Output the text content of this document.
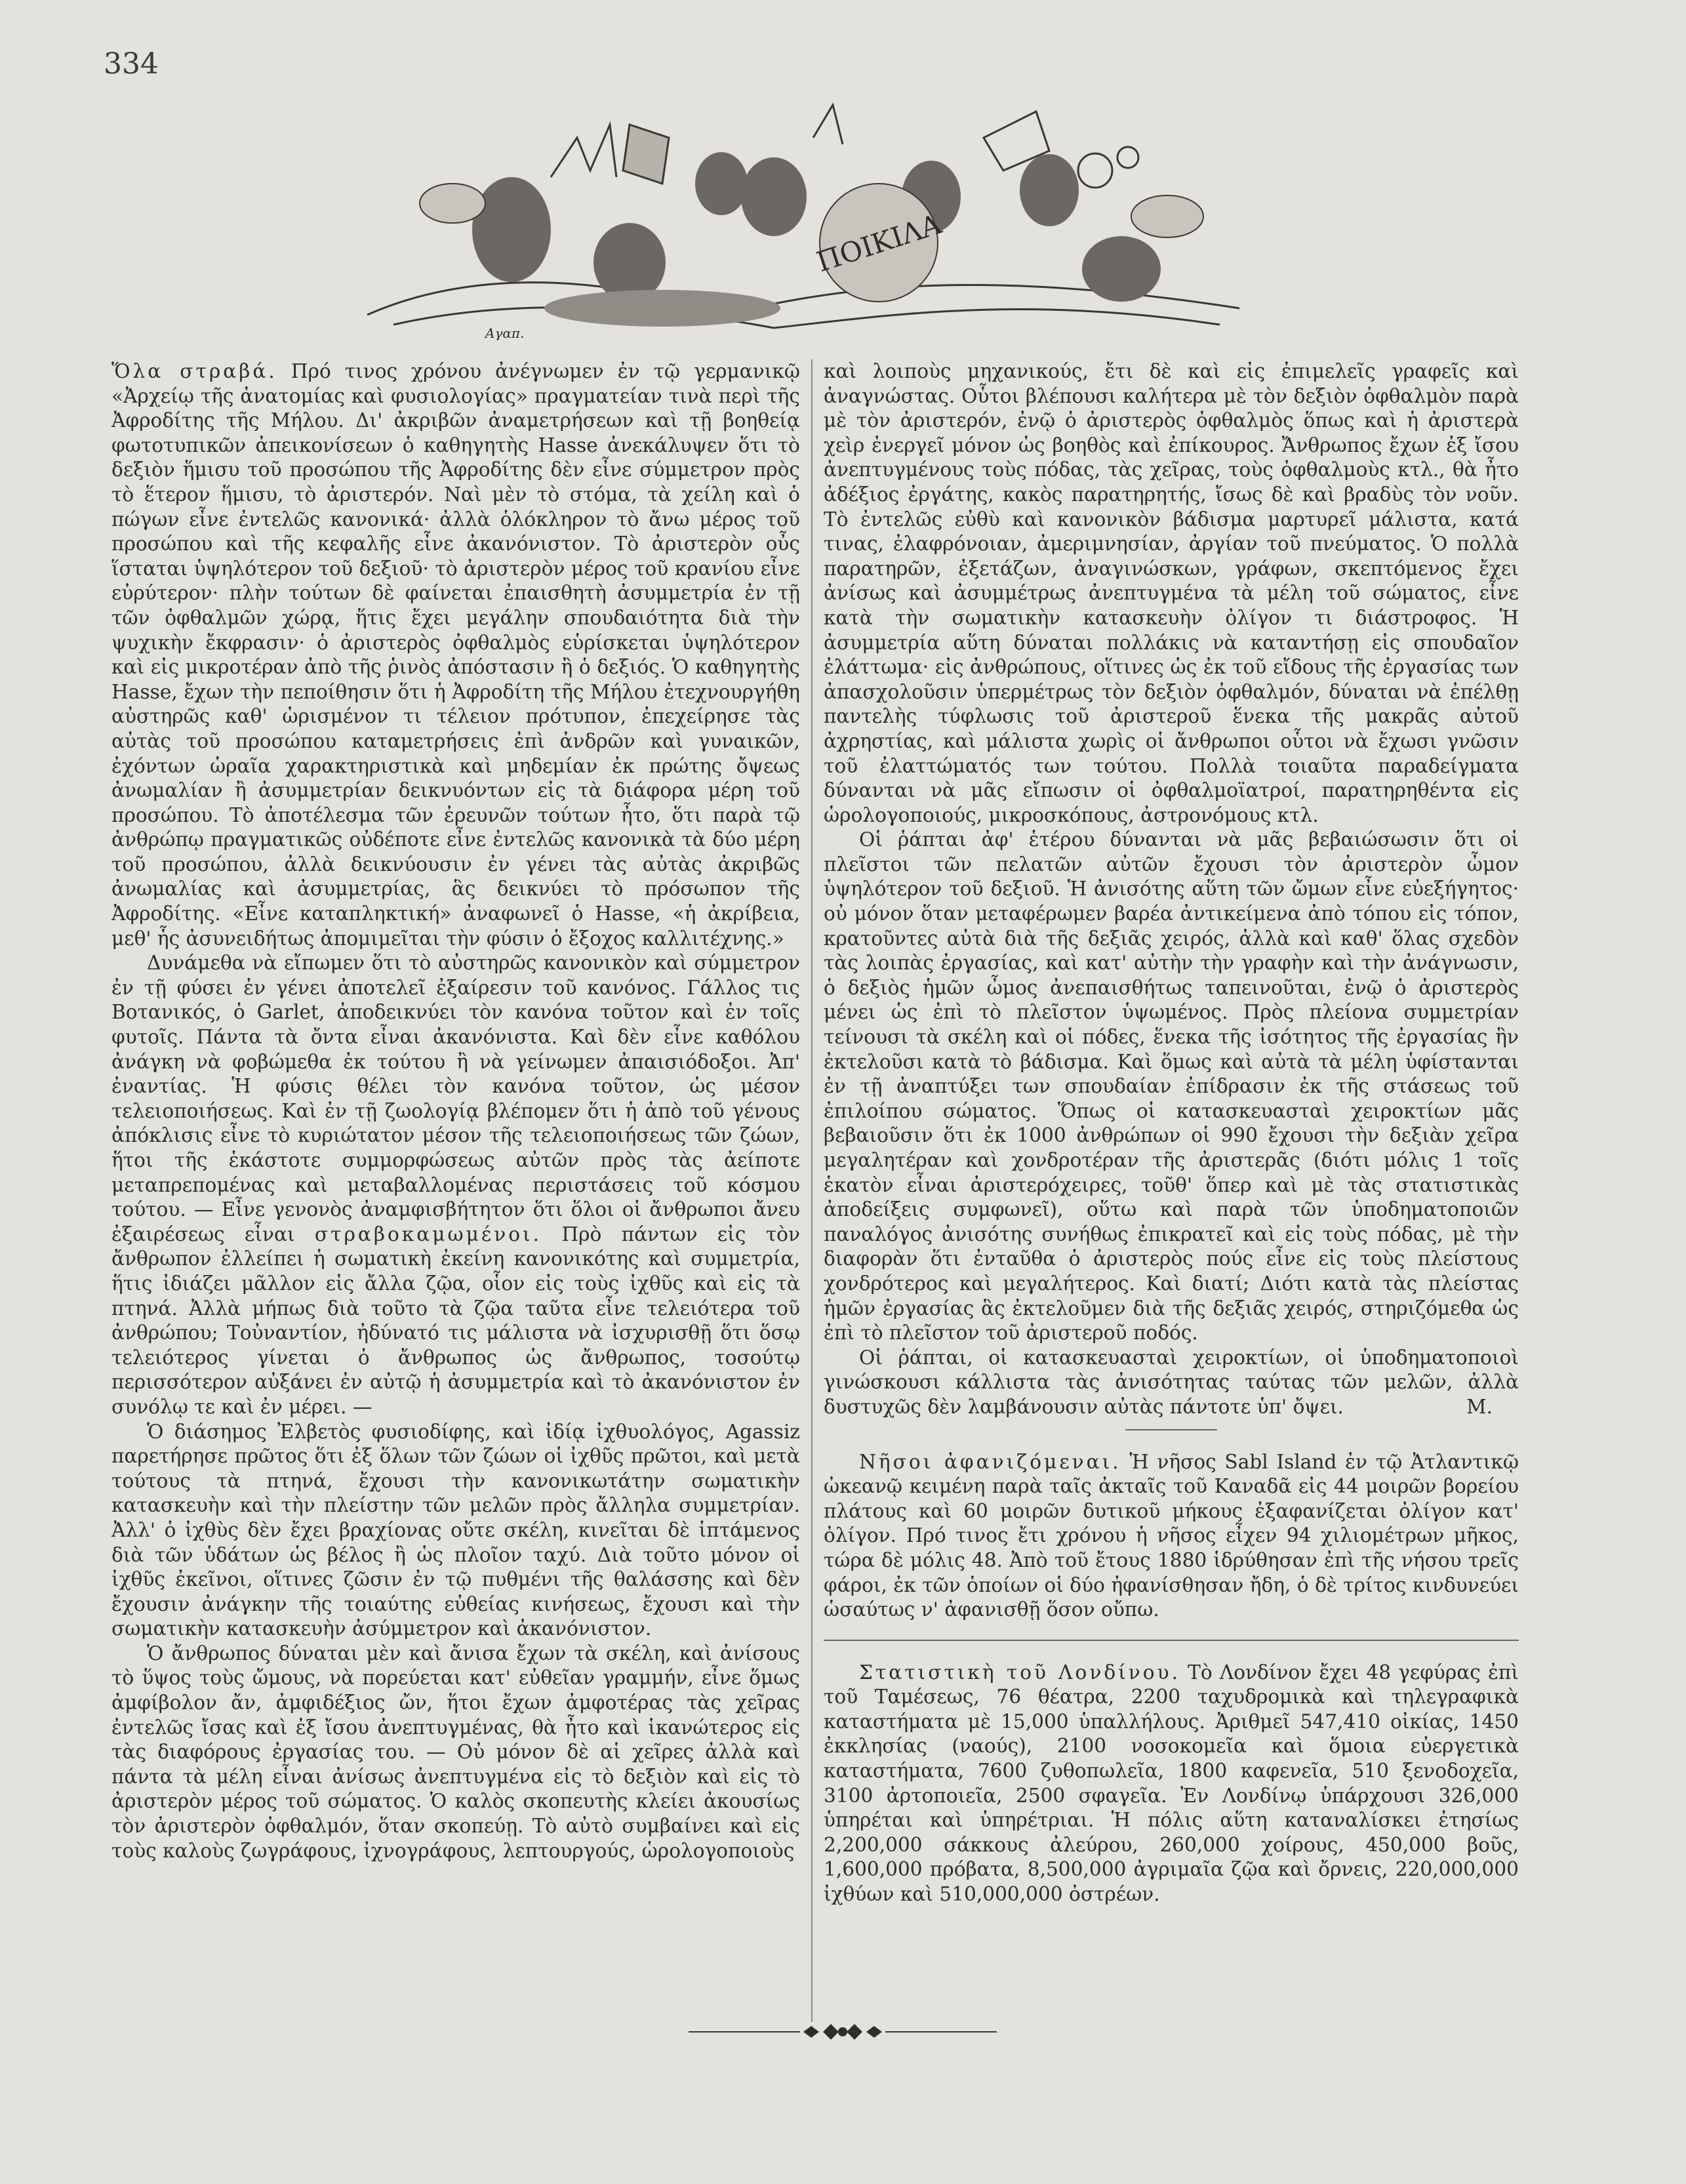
334
ΠΟΙΚΙΛΑ
Αγαπ.

Ὅλα στραβά. Πρό τινος χρόνου ἀνέγνωμεν ἐν τῷ γερμανικῷ «Ἀρχείῳ τῆς ἀνατομίας καὶ φυσιολογίας» πραγματείαν τινὰ περὶ τῆς Ἀφροδίτης τῆς Μήλου. Δι' ἀκριβῶν ἀναμετρήσεων καὶ τῇ βοηθείᾳ φωτοτυπικῶν ἀπεικονίσεων ὁ καθηγητὴς Hasse ἀνεκάλυψεν ὅτι τὸ δεξιὸν ἥμισυ τοῦ προσώπου τῆς Ἀφροδίτης δὲν εἶνε σύμμετρον πρὸς τὸ ἕτερον ἥμισυ, τὸ ἀριστερόν. Ναὶ μὲν τὸ στόμα, τὰ χείλη καὶ ὁ πώγων εἶνε ἐντελῶς κανονικά· ἀλλὰ ὁλόκληρον τὸ ἄνω μέρος τοῦ προσώπου καὶ τῆς κεφαλῆς εἶνε ἀκανόνιστον. Τὸ ἀριστερὸν οὖς ἵσταται ὑψηλότερον τοῦ δεξιοῦ· τὸ ἀριστερὸν μέρος τοῦ κρανίου εἶνε εὐρύτερον· πλὴν τούτων δὲ φαίνεται ἐπαισθητὴ ἀσυμμετρία ἐν τῇ τῶν ὀφθαλμῶν χώρᾳ, ἥτις ἔχει μεγάλην σπουδαιότητα διὰ τὴν ψυχικὴν ἔκφρασιν· ὁ ἀριστερὸς ὀφθαλμὸς εὑρίσκεται ὑψηλότερον καὶ εἰς μικροτέραν ἀπὸ τῆς ῥινὸς ἀπόστασιν ἢ ὁ δεξιός. Ὁ καθηγητὴς Hasse, ἔχων τὴν πεποίθησιν ὅτι ἡ Ἀφροδίτη τῆς Μήλου ἐτεχνουργήθη αὐστηρῶς καθ' ὡρισμένον τι τέλειον πρότυπον, ἐπεχείρησε τὰς αὐτὰς τοῦ προσώπου καταμετρήσεις ἐπὶ ἀνδρῶν καὶ γυναικῶν, ἐχόντων ὡραῖα χαρακτηριστικὰ καὶ μηδεμίαν ἐκ πρώτης ὄψεως ἀνωμαλίαν ἢ ἀσυμμετρίαν δεικνυόντων εἰς τὰ διάφορα μέρη τοῦ προσώπου. Τὸ ἀποτέλεσμα τῶν ἐρευνῶν τούτων ἦτο, ὅτι παρὰ τῷ ἀνθρώπῳ πραγματικῶς οὐδέποτε εἶνε ἐντελῶς κανονικὰ τὰ δύο μέρη τοῦ προσώπου, ἀλλὰ δεικνύουσιν ἐν γένει τὰς αὐτὰς ἀκριβῶς ἀνωμαλίας καὶ ἀσυμμετρίας, ἃς δεικνύει τὸ πρόσωπον τῆς Ἀφροδίτης. «Εἶνε καταπληκτική» ἀναφωνεῖ ὁ Hasse, «ἡ ἀκρίβεια, μεθ' ἧς ἀσυνειδήτως ἀπομιμεῖται τὴν φύσιν ὁ ἔξοχος καλλιτέχνης.»

Δυνάμεθα νὰ εἴπωμεν ὅτι τὸ αὐστηρῶς κανονικὸν καὶ σύμμετρον ἐν τῇ φύσει ἐν γένει ἀποτελεῖ ἐξαίρεσιν τοῦ κανόνος. Γάλλος τις Βοτανικός, ὁ Garlet, ἀποδεικνύει τὸν κανόνα τοῦτον καὶ ἐν τοῖς φυτοῖς. Πάντα τὰ ὄντα εἶναι ἀκανόνιστα. Καὶ δὲν εἶνε καθόλου ἀνάγκη νὰ φοβώμεθα ἐκ τούτου ἢ νὰ γείνωμεν ἀπαισιόδοξοι. Ἀπ' ἐναντίας. Ἡ φύσις θέλει τὸν κανόνα τοῦτον, ὡς μέσον τελειοποιήσεως. Καὶ ἐν τῇ ζωολογίᾳ βλέπομεν ὅτι ἡ ἀπὸ τοῦ γένους ἀπόκλισις εἶνε τὸ κυριώτατον μέσον τῆς τελειοποιήσεως τῶν ζώων, ἥτοι τῆς ἑκάστοτε συμμορφώσεως αὐτῶν πρὸς τὰς ἀείποτε μεταπρεπομένας καὶ μεταβαλλομένας περιστάσεις τοῦ κόσμου τούτου. — Εἶνε γενονὸς ἀναμφισβήτητον ὅτι ὅλοι οἱ ἄνθρωποι ἄνευ ἐξαιρέσεως εἶναι στραβοκαμωμένοι. Πρὸ πάντων εἰς τὸν ἄνθρωπον ἐλλείπει ἡ σωματικὴ ἐκείνη κανονικότης καὶ συμμετρία, ἥτις ἰδιάζει μᾶλλον εἰς ἄλλα ζῷα, οἷον εἰς τοὺς ἰχθῦς καὶ εἰς τὰ πτηνά. Ἀλλὰ μήπως διὰ τοῦτο τὰ ζῷα ταῦτα εἶνε τελειότερα τοῦ ἀνθρώπου; Τοὐναντίον, ἠδύνατό τις μάλιστα νὰ ἰσχυρισθῇ ὅτι ὅσῳ τελειότερος γίνεται ὁ ἄνθρωπος ὡς ἄνθρωπος, τοσούτῳ περισσότερον αὐξάνει ἐν αὐτῷ ἡ ἀσυμμετρία καὶ τὸ ἀκανόνιστον ἐν συνόλῳ τε καὶ ἐν μέρει. —

Ὁ διάσημος Ἐλβετὸς φυσιοδίφης, καὶ ἰδίᾳ ἰχθυολόγος, Agassiz παρετήρησε πρῶτος ὅτι ἐξ ὅλων τῶν ζώων οἱ ἰχθῦς πρῶτοι, καὶ μετὰ τούτους τὰ πτηνά, ἔχουσι τὴν κανονικωτάτην σωματικὴν κατασκευὴν καὶ τὴν πλείστην τῶν μελῶν πρὸς ἄλληλα συμμετρίαν. Ἀλλ' ὁ ἰχθὺς δὲν ἔχει βραχίονας οὔτε σκέλη, κινεῖται δὲ ἱπτάμενος διὰ τῶν ὑδάτων ὡς βέλος ἢ ὡς πλοῖον ταχύ. Διὰ τοῦτο μόνον οἱ ἰχθῦς ἐκεῖνοι, οἵτινες ζῶσιν ἐν τῷ πυθμένι τῆς θαλάσσης καὶ δὲν ἔχουσιν ἀνάγκην τῆς τοιαύτης εὐθείας κινήσεως, ἔχουσι καὶ τὴν σωματικὴν κατασκευὴν ἀσύμμετρον καὶ ἀκανόνιστον.

Ὁ ἄνθρωπος δύναται μὲν καὶ ἄνισα ἔχων τὰ σκέλη, καὶ ἀνίσους τὸ ὕψος τοὺς ὤμους, νὰ πορεύεται κατ' εὐθεῖαν γραμμήν, εἶνε ὅμως ἀμφίβολον ἄν, ἀμφιδέξιος ὤν, ἥτοι ἔχων ἀμφοτέρας τὰς χεῖρας ἐντελῶς ἴσας καὶ ἐξ ἴσου ἀνεπτυγμένας, θὰ ἦτο καὶ ἱκανώτερος εἰς τὰς διαφόρους ἐργασίας του. — Οὐ μόνον δὲ αἱ χεῖρες ἀλλὰ καὶ πάντα τὰ μέλη εἶναι ἀνίσως ἀνεπτυγμένα εἰς τὸ δεξιὸν καὶ εἰς τὸ ἀριστερὸν μέρος τοῦ σώματος. Ὁ καλὸς σκοπευτὴς κλείει ἀκουσίως τὸν ἀριστερὸν ὀφθαλμόν, ὅταν σκοπεύῃ. Τὸ αὐτὸ συμβαίνει καὶ εἰς τοὺς καλοὺς ζωγράφους, ἰχνογράφους, λεπτουργούς, ὡρολογοποιοὺς

καὶ λοιποὺς μηχανικούς, ἔτι δὲ καὶ εἰς ἐπιμελεῖς γραφεῖς καὶ ἀναγνώστας. Οὗτοι βλέπουσι καλήτερα μὲ τὸν δεξιὸν ὀφθαλμὸν παρὰ μὲ τὸν ἀριστερόν, ἐνῷ ὁ ἀριστερὸς ὀφθαλμὸς ὅπως καὶ ἡ ἀριστερὰ χεὶρ ἐνεργεῖ μόνον ὡς βοηθὸς καὶ ἐπίκουρος. Ἄνθρωπος ἔχων ἐξ ἴσου ἀνεπτυγμένους τοὺς πόδας, τὰς χεῖρας, τοὺς ὀφθαλμοὺς κτλ., θὰ ἦτο ἀδέξιος ἐργάτης, κακὸς παρατηρητής, ἴσως δὲ καὶ βραδὺς τὸν νοῦν. Τὸ ἐντελῶς εὐθὺ καὶ κανονικὸν βάδισμα μαρτυρεῖ μάλιστα, κατά τινας, ἐλαφρόνοιαν, ἀμεριμνησίαν, ἀργίαν τοῦ πνεύματος. Ὁ πολλὰ παρατηρῶν, ἐξετάζων, ἀναγινώσκων, γράφων, σκεπτόμενος ἔχει ἀνίσως καὶ ἀσυμμέτρως ἀνεπτυγμένα τὰ μέλη τοῦ σώματος, εἶνε κατὰ τὴν σωματικὴν κατασκευὴν ὀλίγον τι διάστροφος. Ἡ ἀσυμμετρία αὕτη δύναται πολλάκις νὰ καταντήσῃ εἰς σπουδαῖον ἐλάττωμα· εἰς ἀνθρώπους, οἵτινες ὡς ἐκ τοῦ εἴδους τῆς ἐργασίας των ἀπασχολοῦσιν ὑπερμέτρως τὸν δεξιὸν ὀφθαλμόν, δύναται νὰ ἐπέλθῃ παντελὴς τύφλωσις τοῦ ἀριστεροῦ ἕνεκα τῆς μακρᾶς αὐτοῦ ἀχρηστίας, καὶ μάλιστα χωρὶς οἱ ἄνθρωποι οὗτοι νὰ ἔχωσι γνῶσιν τοῦ ἐλαττώματός των τούτου. Πολλὰ τοιαῦτα παραδείγματα δύνανται νὰ μᾶς εἴπωσιν οἱ ὀφθαλμοϊατροί, παρατηρηθέντα εἰς ὡρολογοποιούς, μικροσκόπους, ἀστρονόμους κτλ.

Οἱ ῥάπται ἀφ' ἑτέρου δύνανται νὰ μᾶς βεβαιώσωσιν ὅτι οἱ πλεῖστοι τῶν πελατῶν αὐτῶν ἔχουσι τὸν ἀριστερὸν ὦμον ὑψηλότερον τοῦ δεξιοῦ. Ἡ ἀνισότης αὕτη τῶν ὤμων εἶνε εὐεξήγητος· οὐ μόνον ὅταν μεταφέρωμεν βαρέα ἀντικείμενα ἀπὸ τόπου εἰς τόπον, κρατοῦντες αὐτὰ διὰ τῆς δεξιᾶς χειρός, ἀλλὰ καὶ καθ' ὅλας σχεδὸν τὰς λοιπὰς ἐργασίας, καὶ κατ' αὐτὴν τὴν γραφὴν καὶ τὴν ἀνάγνωσιν, ὁ δεξιὸς ἡμῶν ὦμος ἀνεπαισθήτως ταπεινοῦται, ἐνῷ ὁ ἀριστερὸς μένει ὡς ἐπὶ τὸ πλεῖστον ὑψωμένος. Πρὸς πλείονα συμμετρίαν τείνουσι τὰ σκέλη καὶ οἱ πόδες, ἕνεκα τῆς ἰσότητος τῆς ἐργασίας ἣν ἐκτελοῦσι κατὰ τὸ βάδισμα. Καὶ ὅμως καὶ αὐτὰ τὰ μέλη ὑφίστανται ἐν τῇ ἀναπτύξει των σπουδαίαν ἐπίδρασιν ἐκ τῆς στάσεως τοῦ ἐπιλοίπου σώματος. Ὅπως οἱ κατασκευασταὶ χειροκτίων μᾶς βεβαιοῦσιν ὅτι ἐκ 1000 ἀνθρώπων οἱ 990 ἔχουσι τὴν δεξιὰν χεῖρα μεγαλητέραν καὶ χονδροτέραν τῆς ἀριστερᾶς (διότι μόλις 1 τοῖς ἑκατὸν εἶναι ἀριστερόχειρες, τοῦθ' ὅπερ καὶ μὲ τὰς στατιστικὰς ἀποδείξεις συμφωνεῖ), οὕτω καὶ παρὰ τῶν ὑποδηματοποιῶν παναλόγος ἀνισότης συνήθως ἐπικρατεῖ καὶ εἰς τοὺς πόδας, μὲ τὴν διαφορὰν ὅτι ἐνταῦθα ὁ ἀριστερὸς πούς εἶνε εἰς τοὺς πλείστους χονδρότερος καὶ μεγαλήτερος. Καὶ διατί; Διότι κατὰ τὰς πλείστας ἡμῶν ἐργασίας ἃς ἐκτελοῦμεν διὰ τῆς δεξιᾶς χειρός, στηριζόμεθα ὡς ἐπὶ τὸ πλεῖστον τοῦ ἀριστεροῦ ποδός.

Οἱ ῥάπται, οἱ κατασκευασταὶ χειροκτίων, οἱ ὑποδηματοποιοὶ γινώσκουσι κάλλιστα τὰς ἀνισότητας ταύτας τῶν μελῶν, ἀλλὰ δυστυχῶς δὲν λαμβάνουσιν αὐτὰς πάντοτε ὑπ' ὄψει.	Μ.

Νῆσοι ἀφανιζόμεναι. Ἡ νῆσος Sabl Island ἐν τῷ Ἀτλαντικῷ ὠκεανῷ κειμένη παρὰ ταῖς ἀκταῖς τοῦ Καναδᾶ εἰς 44 μοιρῶν βορείου πλάτους καὶ 60 μοιρῶν δυτικοῦ μήκους ἐξαφανίζεται ὀλίγον κατ' ὀλίγον. Πρό τινος ἔτι χρόνου ἡ νῆσος εἶχεν 94 χιλιομέτρων μῆκος, τώρα δὲ μόλις 48. Ἀπὸ τοῦ ἔτους 1880 ἱδρύθησαν ἐπὶ τῆς νήσου τρεῖς φάροι, ἐκ τῶν ὁποίων οἱ δύο ἠφανίσθησαν ἤδη, ὁ δὲ τρίτος κινδυνεύει ὡσαύτως ν' ἀφανισθῇ ὅσον οὔπω.

Στατιστικὴ τοῦ Λονδίνου. Τὸ Λονδίνον ἔχει 48 γεφύρας ἐπὶ τοῦ Ταμέσεως, 76 θέατρα, 2200 ταχυδρομικὰ καὶ τηλεγραφικὰ καταστήματα μὲ 15,000 ὑπαλλήλους. Ἀριθμεῖ 547,410 οἰκίας, 1450 ἐκκλησίας (ναούς), 2100 νοσοκομεῖα καὶ ὅμοια εὐεργετικὰ καταστήματα, 7600 ζυθοπωλεῖα, 1800 καφενεῖα, 510 ξενοδοχεῖα, 3100 ἀρτοποιεῖα, 2500 σφαγεῖα. Ἐν Λονδίνῳ ὑπάρχουσι 326,000 ὑπηρέται καὶ ὑπηρέτριαι. Ἡ πόλις αὕτη καταναλίσκει ἐτησίως 2,200,000 σάκκους ἀλεύρου, 260,000 χοίρους, 450,000 βοῦς, 1,600,000 πρόβατα, 8,500,000 ἀγριμαῖα ζῷα καὶ ὄρνεις, 220,000,000 ἰχθύων καὶ 510,000,000 ὀστρέων.
